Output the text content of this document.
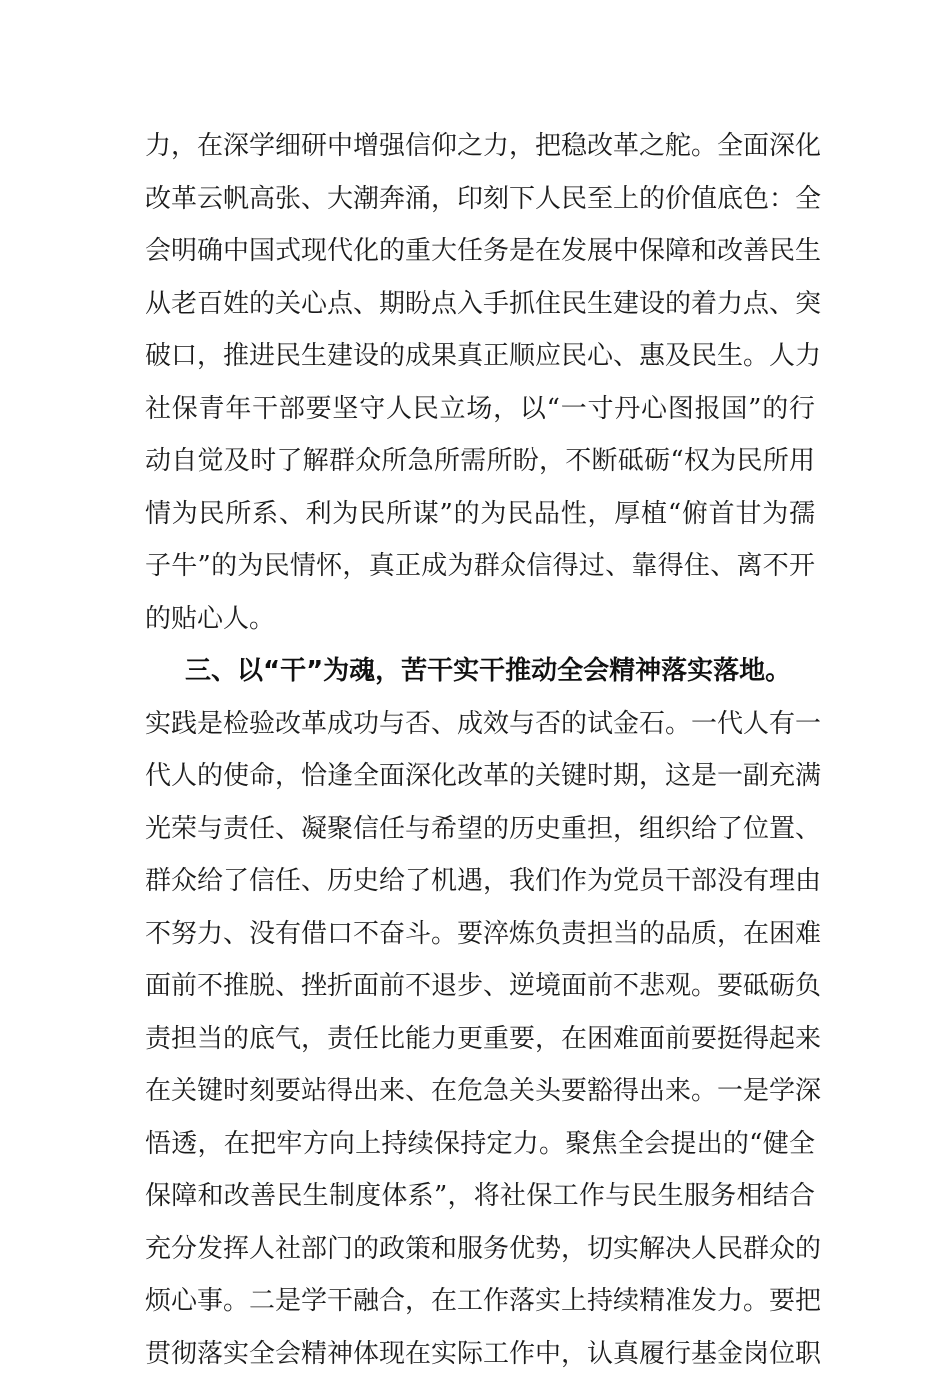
力，在深学细研中增强信仰之力，把稳改革之舵。全面深化
改革云帆高张、大潮奔涌，印刻下人民至上的价值底色：全
会明确中国式现代化的重大任务是在发展中保障和改善民生
从老百姓的关心点、期盼点入手抓住民生建设的着力点、突
破口，推进民生建设的成果真正顺应民心、惠及民生。人力
社保青年干部要坚守人民立场，以“一寸丹心图报国”的行
动自觉及时了解群众所急所需所盼，不断砥砺“权为民所用
情为民所系、利为民所谋”的为民品性，厚植“俯首甘为孺
子牛”的为民情怀，真正成为群众信得过、靠得住、离不开
的贴心人。
三、以“干”为魂，苦干实干推动全会精神落实落地。
实践是检验改革成功与否、成效与否的试金石。一代人有一
代人的使命，恰逢全面深化改革的关键时期，这是一副充满
光荣与责任、凝聚信任与希望的历史重担，组织给了位置、
群众给了信任、历史给了机遇，我们作为党员干部没有理由
不努力、没有借口不奋斗。要淬炼负责担当的品质，在困难
面前不推脱、挫折面前不退步、逆境面前不悲观。要砥砺负
责担当的底气，责任比能力更重要，在困难面前要挺得起来
在关键时刻要站得出来、在危急关头要豁得出来。一是学深
悟透，在把牢方向上持续保持定力。聚焦全会提出的“健全
保障和改善民生制度体系”，将社保工作与民生服务相结合
充分发挥人社部门的政策和服务优势，切实解决人民群众的
烦心事。二是学干融合，在工作落实上持续精准发力。要把
贯彻落实全会精神体现在实际工作中，认真履行基金岗位职
